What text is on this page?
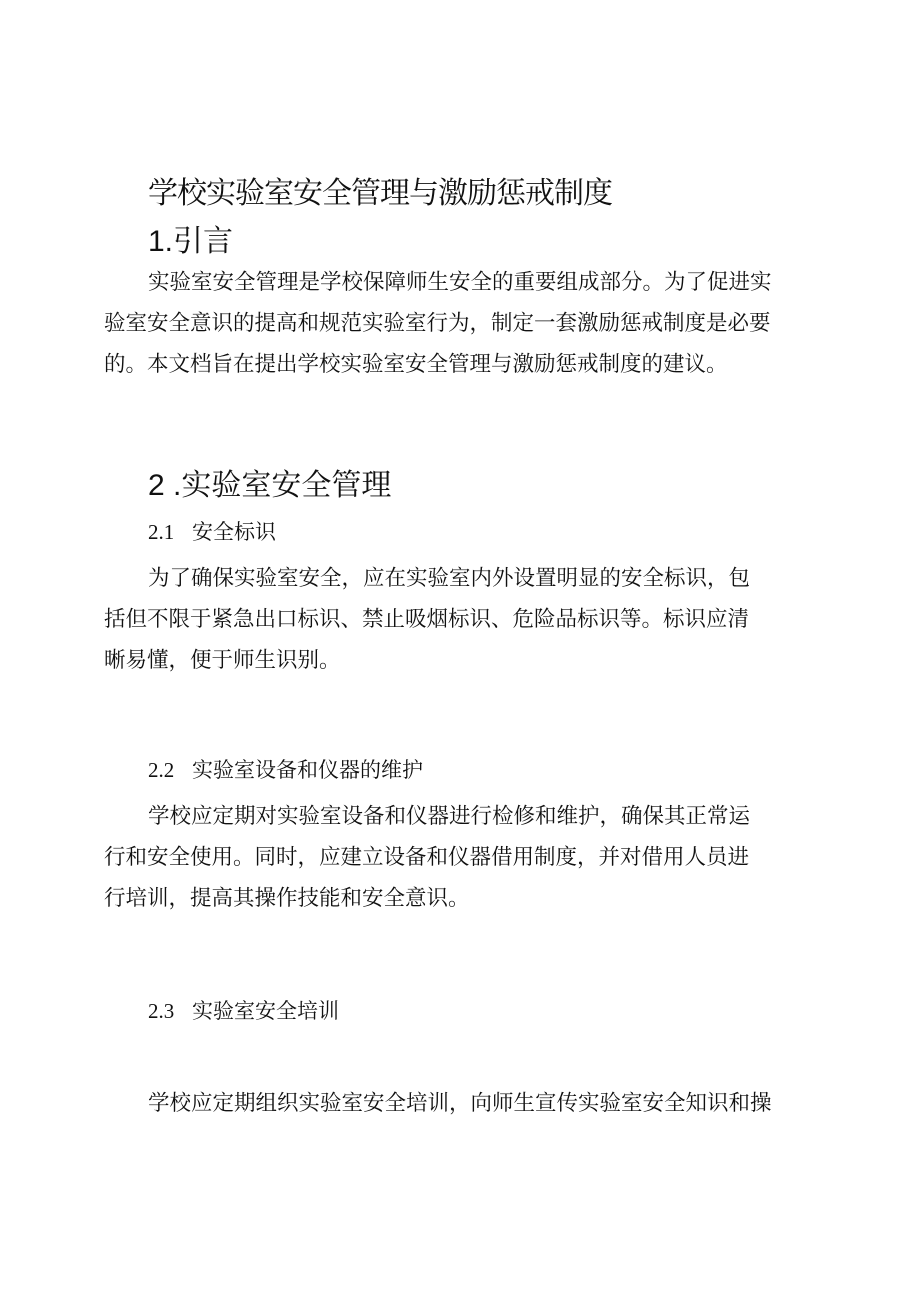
学校实验室安全管理与激励惩戒制度
1.引言
实验室安全管理是学校保障师生安全的重要组成部分。为了促进实
验室安全意识的提高和规范实验室行为，制定一套激励惩戒制度是必要
的。本文档旨在提出学校实验室安全管理与激励惩戒制度的建议。
2 .实验室安全管理
2.1 安全标识
为了确保实验室安全，应在实验室内外设置明显的安全标识，包
括但不限于紧急出口标识、禁止吸烟标识、危险品标识等。标识应清
晰易懂，便于师生识别。
2.2 实验室设备和仪器的维护
学校应定期对实验室设备和仪器进行检修和维护，确保其正常运
行和安全使用。同时，应建立设备和仪器借用制度，并对借用人员进
行培训，提高其操作技能和安全意识。
2.3 实验室安全培训
学校应定期组织实验室安全培训，向师生宣传实验室安全知识和操
